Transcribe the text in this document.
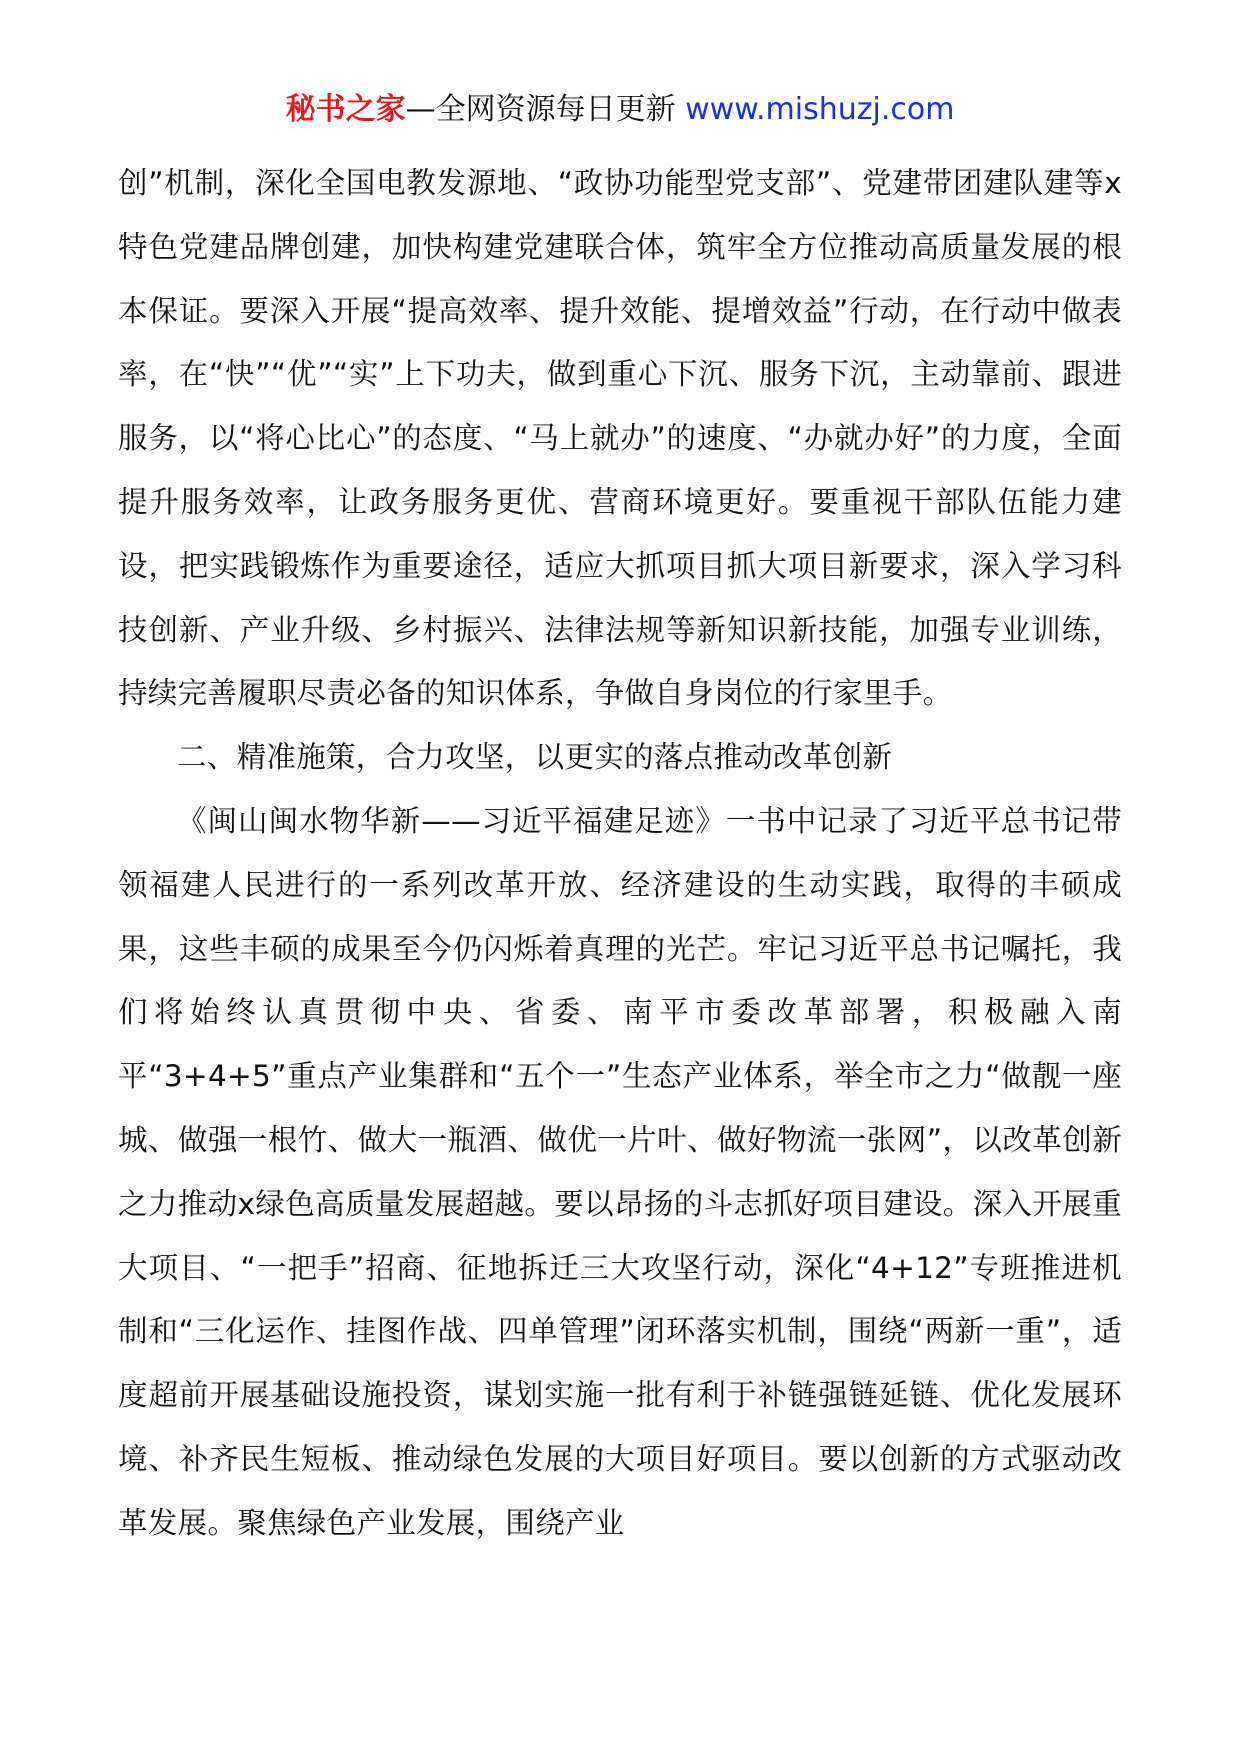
秘书之家—全网资源每日更新 www.mishuzj.com

创”机制，深化全国电教发源地、“政协功能型党支部”、党建带团建队建等x特色党建品牌创建，加快构建党建联合体，筑牢全方位推动高质量发展的根本保证。要深入开展“提高效率、提升效能、提增效益”行动，在行动中做表率，在“快”“优”“实”上下功夫，做到重心下沉、服务下沉，主动靠前、跟进服务，以“将心比心”的态度、“马上就办”的速度、“办就办好”的力度，全面提升服务效率，让政务服务更优、营商环境更好。要重视干部队伍能力建设，把实践锻炼作为重要途径，适应大抓项目抓大项目新要求，深入学习科技创新、产业升级、乡村振兴、法律法规等新知识新技能，加强专业训练，持续完善履职尽责必备的知识体系，争做自身岗位的行家里手。

二、精准施策，合力攻坚，以更实的落点推动改革创新

《闽山闽水物华新——习近平福建足迹》一书中记录了习近平总书记带领福建人民进行的一系列改革开放、经济建设的生动实践，取得的丰硕成果，这些丰硕的成果至今仍闪烁着真理的光芒。牢记习近平总书记嘱托，我们将始终认真贯彻中央、省委、南平市委改革部署，积极融入南平“3+4+5”重点产业集群和“五个一”生态产业体系，举全市之力“做靓一座城、做强一根竹、做大一瓶酒、做优一片叶、做好物流一张网”，以改革创新之力推动x绿色高质量发展超越。要以昂扬的斗志抓好项目建设。深入开展重大项目、“一把手”招商、征地拆迁三大攻坚行动，深化“4+12”专班推进机制和“三化运作、挂图作战、四单管理”闭环落实机制，围绕“两新一重”，适度超前开展基础设施投资，谋划实施一批有利于补链强链延链、优化发展环境、补齐民生短板、推动绿色发展的大项目好项目。要以创新的方式驱动改革发展。聚焦绿色产业发展，围绕产业
